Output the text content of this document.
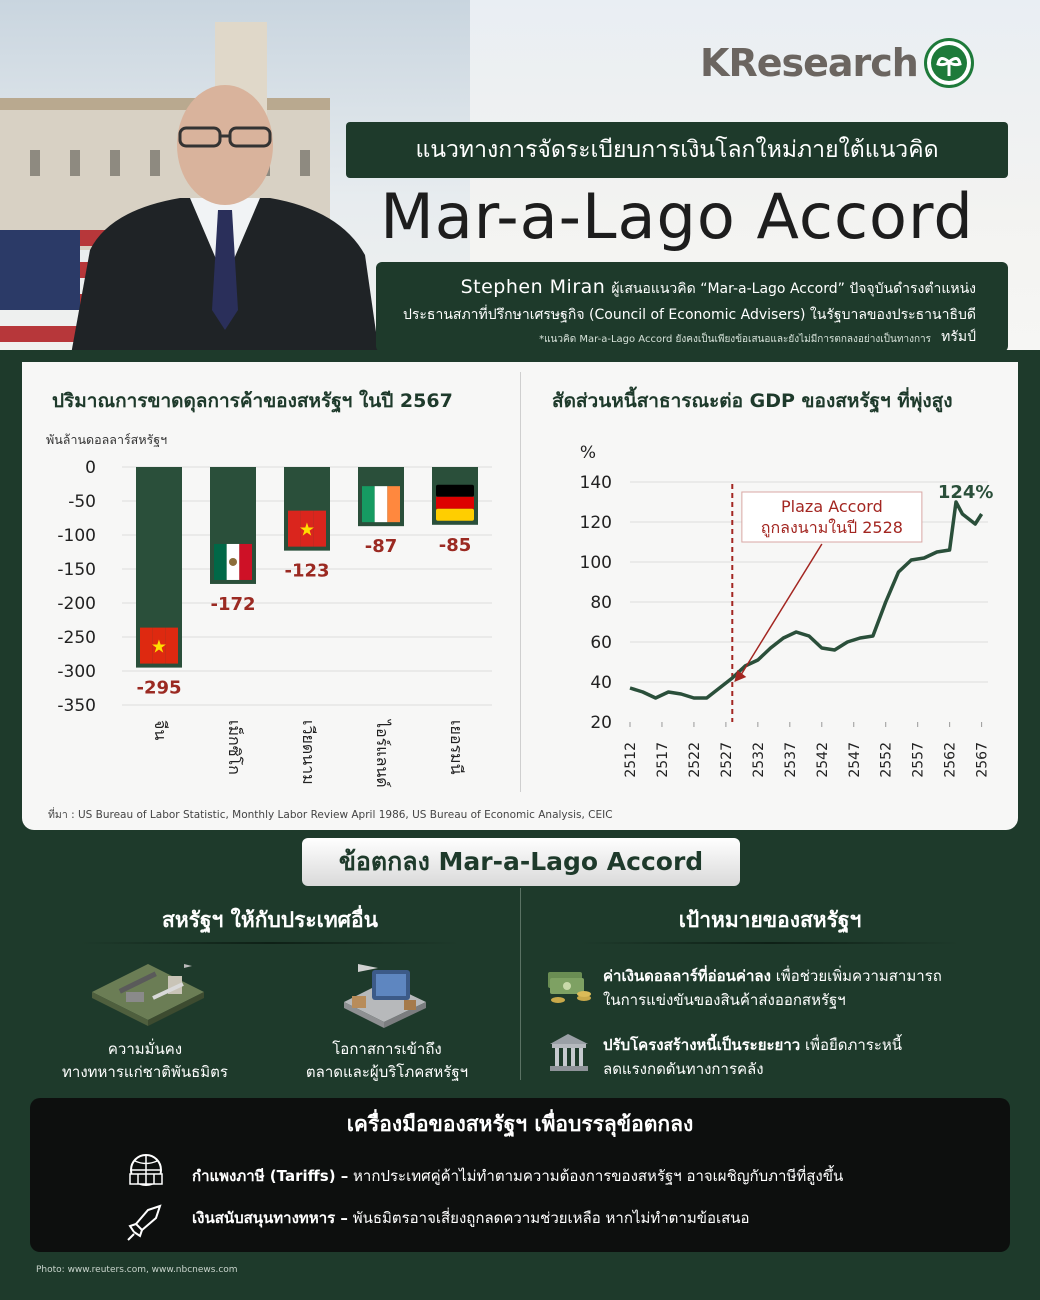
KResearch
แนวทางการจัดระเบียบการเงินโลกใหม่ภายใต้แนวคิด
Mar-a-Lago Accord
Stephen Miran ผู้เสนอแนวคิด “Mar-a-Lago Accord” ปัจจุบันดำรงตำแหน่ง
ประธานสภาที่ปรึกษาเศรษฐกิจ (Council of Economic Advisers) ในรัฐบาลของประธานาธิบดีทรัมป์
*แนวคิด Mar-a-Lago Accord ยังคงเป็นเพียงข้อเสนอและยังไม่มีการตกลงอย่างเป็นทางการ
ปริมาณการขาดดุลการค้าของสหรัฐฯ ในปี 2567	สัดส่วนหนี้สาธารณะต่อ GDP ของสหรัฐฯ ที่พุ่งสูง
พันล้านดอลลาร์สหรัฐฯ
0
-50
-100
-150
-200
-250
-300
-350
★
-295
จีน
-172
เม็กซิโก
★
-123
เวียดนาม
-87
ไอร์แลนด์
-85
เยอรมนี
%
20
40
60
80
100
120
140
2512 2517 2522 2527 2532 2537 2542 2547 2552 2557 2562 2567
Plaza Accord
ถูกลงนามในปี 2528
124%
ที่มา : US Bureau of Labor Statistic, Monthly Labor Review April 1986, US Bureau of Economic Analysis, CEIC
ข้อตกลง Mar-a-Lago Accord
สหรัฐฯ ให้กับประเทศอื่น	เป้าหมายของสหรัฐฯ
ความมั่นคง
ทางทหารแก่ชาติพันธมิตร
โอกาสการเข้าถึง
ตลาดและผู้บริโภคสหรัฐฯ
ค่าเงินดอลลาร์ที่อ่อนค่าลง เพื่อช่วยเพิ่มความสามารถ
ในการแข่งขันของสินค้าส่งออกสหรัฐฯ
ปรับโครงสร้างหนี้เป็นระยะยาว เพื่อยืดภาระหนี้
ลดแรงกดดันทางการคลัง
เครื่องมือของสหรัฐฯ เพื่อบรรลุข้อตกลง
กำแพงภาษี (Tariffs) – หากประเทศคู่ค้าไม่ทำตามความต้องการของสหรัฐฯ อาจเผชิญกับภาษีที่สูงขึ้น
เงินสนับสนุนทางทหาร – พันธมิตรอาจเสี่ยงถูกลดความช่วยเหลือ หากไม่ทำตามข้อเสนอ
Photo: www.reuters.com, www.nbcnews.com
